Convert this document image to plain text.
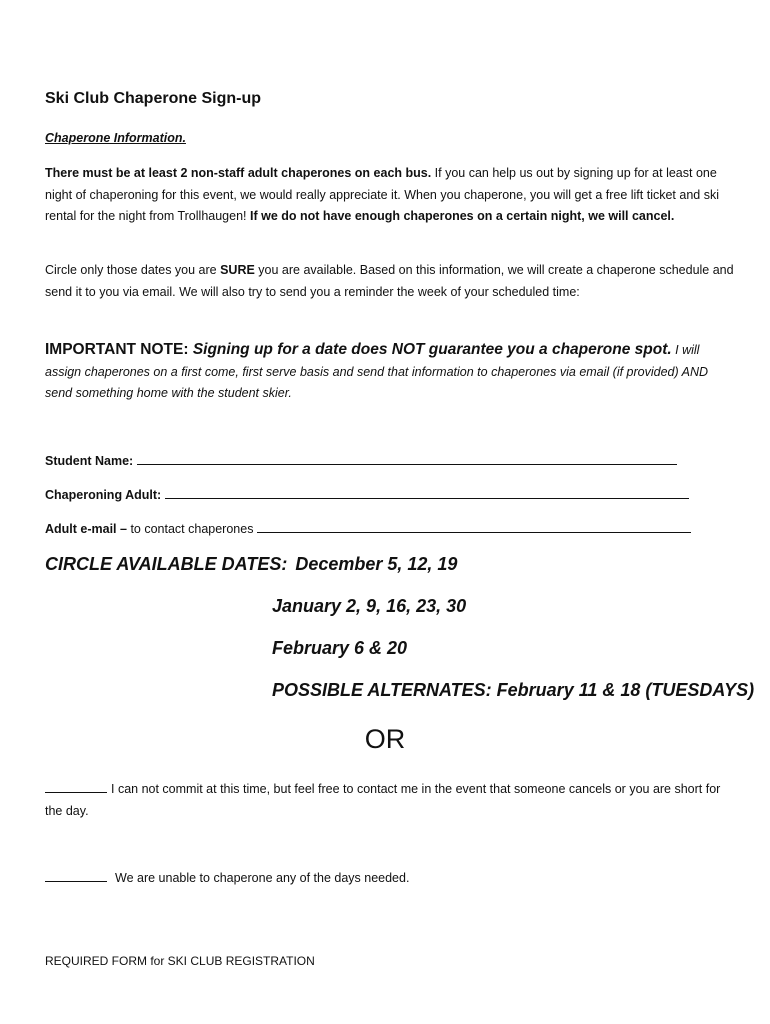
Ski Club Chaperone Sign-up

Chaperone Information.

There must be at least 2 non-staff adult chaperones on each bus. If you can help us out by signing up for at least one night of chaperoning for this event, we would really appreciate it. When you chaperone, you will get a free lift ticket and ski rental for the night from Trollhaugen! If we do not have enough chaperones on a certain night, we will cancel.

Circle only those dates you are SURE you are available. Based on this information, we will create a chaperone schedule and send it to you via email. We will also try to send you a reminder the week of your scheduled time:

IMPORTANT NOTE: Signing up for a date does NOT guarantee you a chaperone spot. I will assign chaperones on a first come, first serve basis and send that information to chaperones via email (if provided) AND send something home with the student skier.

Student Name:
Chaperoning Adult:
Adult e-mail – to contact chaperones
CIRCLE AVAILABLE DATES: December 5, 12, 19
January 2, 9, 16, 23, 30
February 6 & 20
POSSIBLE ALTERNATES: February 11 & 18 (TUESDAYS)

OR

I can not commit at this time, but feel free to contact me in the event that someone cancels or you are short for the day.

We are unable to chaperone any of the days needed.

REQUIRED FORM for SKI CLUB REGISTRATION
